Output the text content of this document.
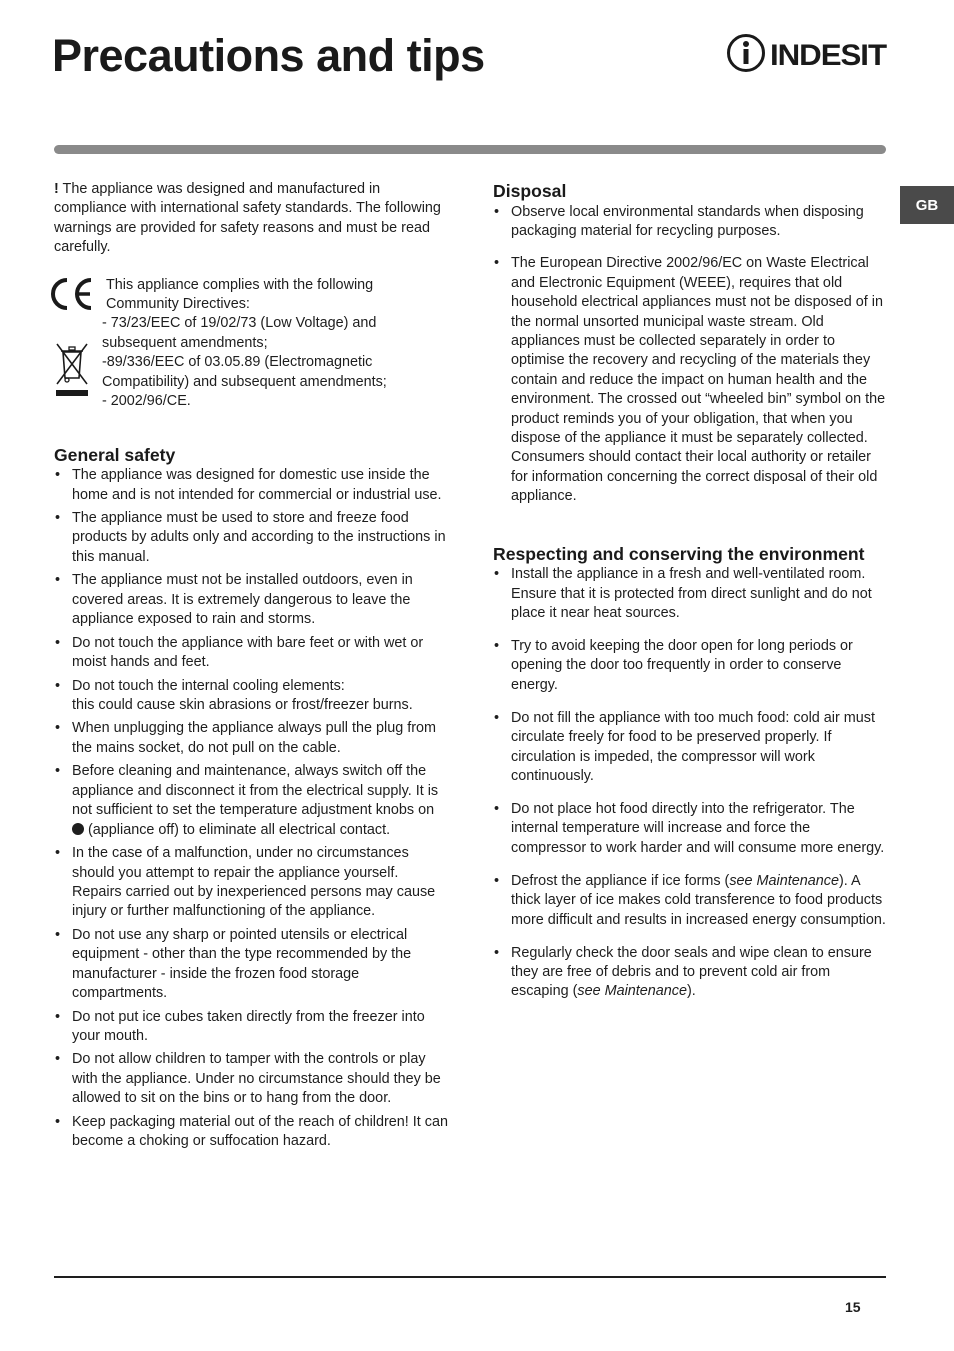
Precautions and tips	INDESIT
GB

! The appliance was designed and manufactured in compliance with international safety standards. The following warnings are provided for safety reasons and must be read carefully.

This appliance complies with the following
Community Directives:
- 73/23/EEC of 19/02/73 (Low Voltage) and
subsequent amendments;
-89/336/EEC of 03.05.89 (Electromagnetic
Compatibility) and subsequent amendments;
- 2002/96/CE.
General safety
• The appliance was designed for domestic use inside the home and is not intended for commercial or industrial use.
• The appliance must be used to store and freeze food products by adults only and according to the instructions in this manual.
• The appliance must not be installed outdoors, even in covered areas. It is extremely dangerous to leave the appliance exposed to rain and storms.
• Do not touch the appliance with bare feet or with wet or moist hands and feet.
• Do not touch the internal cooling elements:
this could cause skin abrasions or frost/freezer burns.
• When unplugging the appliance always pull the plug from the mains socket, do not pull on the cable.
• Before cleaning and maintenance, always switch off the appliance and disconnect it from the electrical supply. It is not sufficient to set the temperature adjustment knobs on  (appliance off) to eliminate all electrical contact.
• In the case of a malfunction, under no circumstances should you attempt to repair the appliance yourself. Repairs carried out by inexperienced persons may cause injury or further malfunctioning of the appliance.
• Do not use any sharp or pointed utensils or electrical equipment - other than the type recommended by the manufacturer - inside the frozen food storage compartments.
• Do not put ice cubes taken directly from the freezer into your mouth.
• Do not allow children to tamper with the controls or play with the appliance. Under no circumstance should they be allowed to sit on the bins or to hang from the door.
• Keep packaging material out of the reach of children! It can become a choking or suffocation hazard.
Disposal
• Observe local environmental standards when disposing packaging material for recycling purposes.
• The European Directive 2002/96/EC on Waste Electrical and Electronic Equipment (WEEE), requires that old household electrical appliances must not be disposed of in the normal unsorted municipal waste stream. Old appliances must be collected separately in order to optimise the recovery and recycling of the materials they contain and reduce the impact on human health and the environment. The crossed out “wheeled bin” symbol on the product reminds you of your obligation, that when you dispose of the appliance it must be separately collected.
Consumers should contact their local authority or retailer for information concerning the correct disposal of their old appliance.
Respecting and conserving the environment
• Install the appliance in a fresh and well-ventilated room. Ensure that it is protected from direct sunlight and do not place it near heat sources.
• Try to avoid keeping the door open for long periods or opening the door too frequently in order to conserve energy.
• Do not fill the appliance with too much food: cold air must circulate freely for food to be preserved properly. If circulation is impeded, the compressor will work continuously.
• Do not place hot food directly into the refrigerator. The internal temperature will increase and force the compressor to work harder and will consume more energy.
• Defrost the appliance if ice forms (see Maintenance). A thick layer of ice makes cold transference to food products more difficult and results in increased energy consumption.
• Regularly check the door seals and wipe clean to ensure they are free of debris and to prevent cold air from escaping (see Maintenance).
15
